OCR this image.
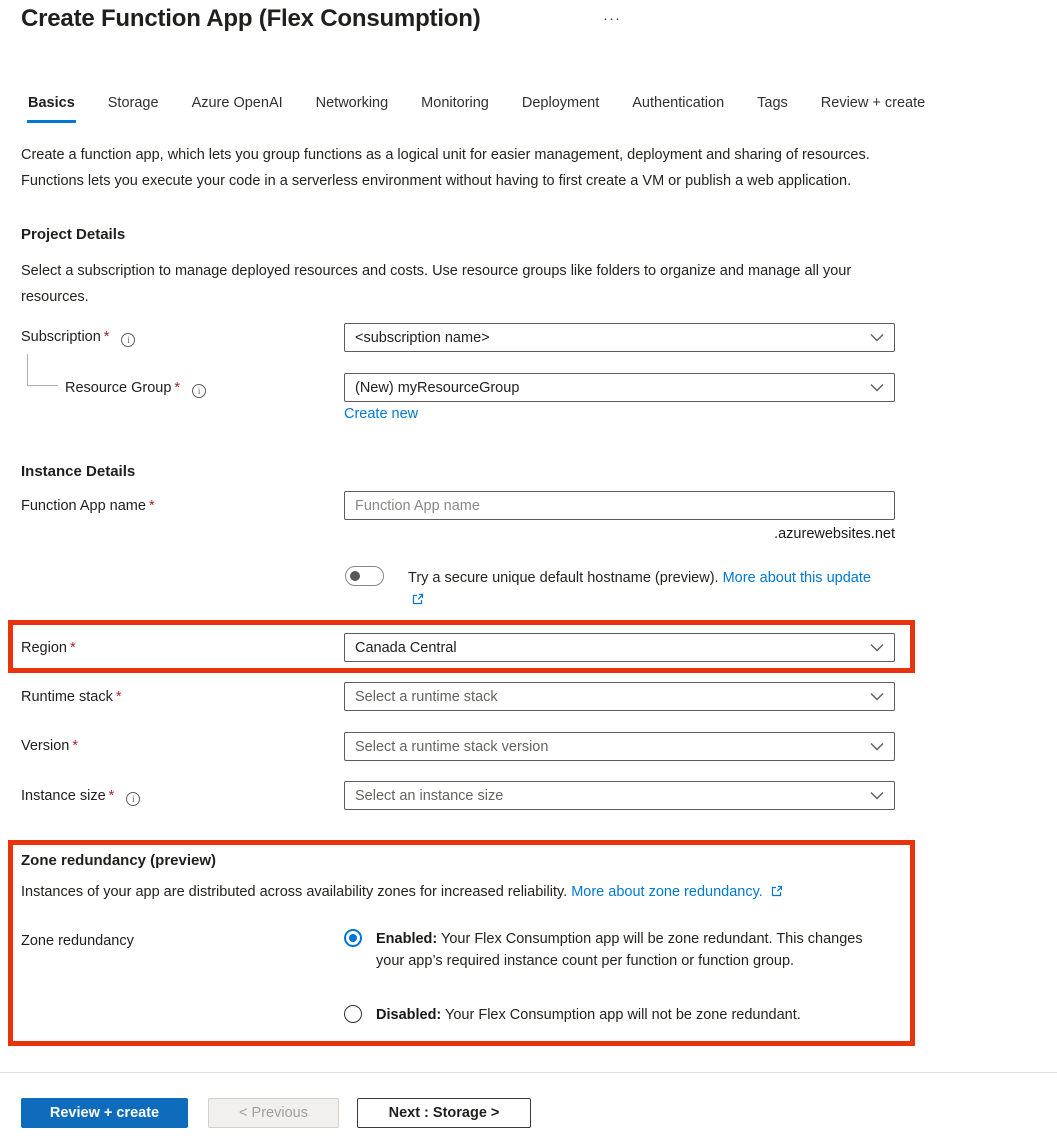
Create Function App (Flex Consumption)	···
Basics Storage Azure OpenAI Networking Monitoring Deployment Authentication Tags Review + create
Create a function app, which lets you group functions as a logical unit for easier management, deployment and sharing of resources. Functions lets you execute your code in a serverless environment without having to first create a VM or publish a web application.
Project Details
Select a subscription to manage deployed resources and costs. Use resource groups like folders to organize and manage all your resources.
Subscription * i	<subscription name>
Resource Group * i	(New) myResourceGroup
Create new
Instance Details
Function App name *
Function App name
.azurewebsites.net
Try a secure unique default hostname (preview). More about this update
Region *	Canada Central
Runtime stack *	Select a runtime stack
Version *	Select a runtime stack version
Instance size * i	Select an instance size
Zone redundancy (preview)
Instances of your app are distributed across availability zones for increased reliability. More about zone redundancy.
Zone redundancy	Enabled: Your Flex Consumption app will be zone redundant. This changes your app’s required instance count per function or function group.
Disabled: Your Flex Consumption app will not be zone redundant.
Review + create	< Previous	Next : Storage >
